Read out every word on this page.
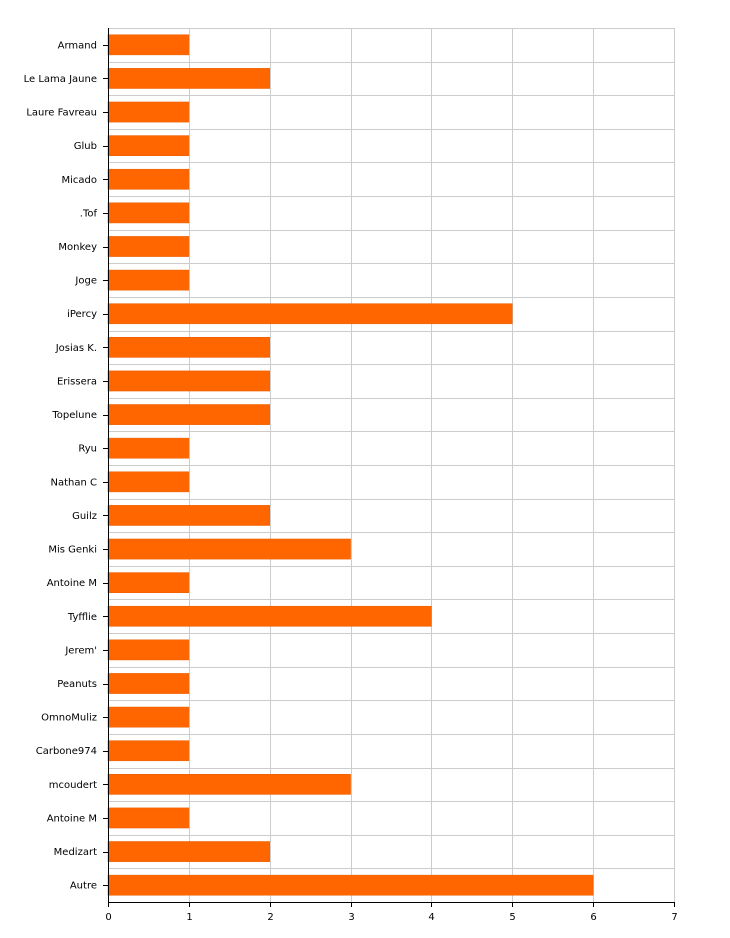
Armand
Le Lama Jaune
Laure Favreau
Glub
Micado
.Tof
Monkey
Joge
iPercy
Josias K.
Erissera
Topelune
Ryu
Nathan C
Guilz
Mis Genki
Antoine M
Tyfflie
Jerem'
Peanuts
OmnoMuliz
Carbone974
mcoudert
Antoine M
Medizart
Autre
0	1	2	3	4	5	6	7
